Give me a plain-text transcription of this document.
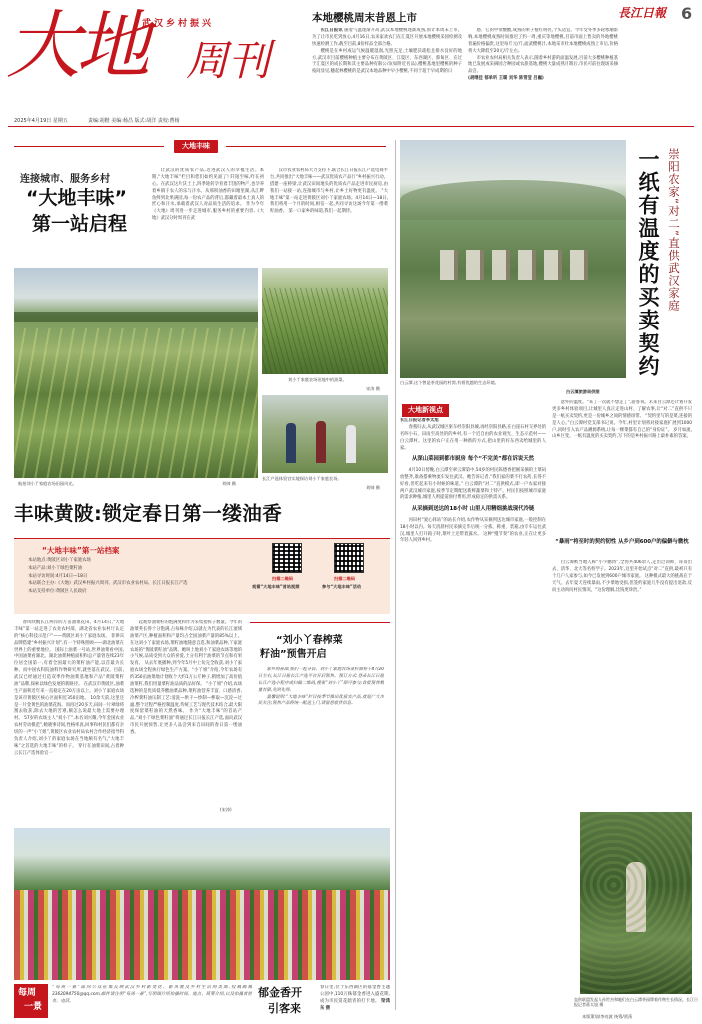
大地 周刊
武汉乡村振兴
2025年4月19日 星期五	责编:胡楷 美编:杨昌 版式:胡洋 责校:曹杨
長江日報 6
本地樱桃周末昔恩上市

长江日报讯 随着气温逐渐升高,武汉本地樱桃逐渐成熟,预计本周末上市。为了让市民吃到放心,4月16日,农来家欢农门在汇夏区开展本地樱桃采园检测及快速检测工作,截至目前,8份样品全部合格。

樱桃是在乡村成运气候温暖湿润,光照充足,土壤肥沃疏松且排水良好的地方,武汉市目前樱桃种植主要分布在黄陂区、江夏区、东西湖区、蔡甸区、在过于汇夏区的成长期和其主要品种有限公司(如附近名品),樱桃基地里樱桃的种子枝间显见,穗起林樱桃的是武汉本地品种中早小樱桃,不同于超于早成期的日

感、它的甲带酸酸,成熟的果子橙红明亮,个头适宜。今年受冬季多轮寒潮影响,本地樱桃成熟时间推迟了约一周,重庆等地樱桃,目前市面上售卖的外地樱桃普遍价格偏贵,这里每斤元/斤,面武樱桃汁,本地采市杜本地樱桃成熟上市后,价格将大大降低至20元/斤左右。

市农业农村局相关负责人表示,随着乡村游的面温发展,目前大多樱桃种植基地已发展成采摘园合种园或农旅基地,樱桃大量成熟月期后,市民可前往现场采摘品尝。

(胡继佳 郁单昕 王璐 刘华 陈雪莹 吕巍)

大地丰味
连接城市、服务乡村
“大地丰味”
第一站启程

让武汉的优质农产品,迈进武汉人的幸福生活。本期,“大地丰味”栏目和您们如约见面了! 阡陌至味,咋在初心。在武汉这片沃土上,四季轮转孕育着丰饶的物产,也孕养着乡镇干农人的乐与汗水。从那积油香的田塘里湖,从江畔鱼鲜到北果满园,每一份农产品的背后,都藏着最本土真人的匠心和汗水,承载着武汉人对品质生活的追求。 作为今年《大地》周刊进一步走进城市,服务乡村的重要内容,《大地》武汉分时周刊在武

汉市农业农村局大力支持下,联合长江日报长江产选电商平台,共同推出“大地丰味——武汉优质农产品行”乡村振兴行动。搭建一座桥梁,让武汉田间地头的优质农产品走进市民厨房,由我们一站接一站,连接城市与乡村,让乡土好物更有温度。 “大地丰味”第一站走进黄陂区刘小丫家庭农场。4月14日—18日,我们将用一个月的时间,相信一起,共同寻访这场今年第一缕菜籽油香。 第一口家乡的味道,我们一起期待。

航拍刘小丫家庭农场田园风光。	刘帅 摄
刘小丫家庭农场田地中的油菜。
宋涛 摄
长江产选体验官实地探访刘小丫家庭农场。
刘帅 摄
丰味黄陂:锁定春日第一缕油香
“大地丰味”第一站档案
本站地点:黄陂区刘小丫家庭农场
本站产品:刘小丫绿色菜籽油
本站寻访时间:4月14日—18日
本站联合主办:《大地》武汉乡村振兴周刊、武汉市农业农村局、长江日报长江产选
本站支持单位:黄陂区人民政府
扫描二维码
观看“大地丰味”首站视频
扫描二维码
参与“大地丰味”活动

春风吹醒长江两岸的万亩油菜花田。4月14日,“大地丰味”第一站走进了农业农村部、湖北省农业农村厅认定的“核心科技示范户”——黄陂区刘小丫家庭农场。 菲律宾品牌搭建“乡村振兴计划”,有一个特殊照顾——湖北油菜在世界上的重要地位。 国际上油菜一号站,世界油菜看中国,中国油菜看湖北。湖北油菜种植面积和总产量曾连续23年位居全国第一,有着全国最大的菜籽油产能,以首最为长种。而中国农科院油料作物研究所,就坐落在武汉。目前,武汉已经通过打造双季作物油菜基地和产品“黄陂菜籽油”品牌,探索以绿色发展的新路径。 在武汉市黄陂区,油菜生产面积近年来一直稳定在20万亩以上。刘小丫家庭农场是该市黄陂区核心区面积近350亩地。 10余天前,这里还是一片金黄色的油菜花海。而再过20多天,田间一片翠绿将割去收获,除去大地的苦难,颇怎么说最大地上需要办理村。 57岁的农场主人“刘小丫”,本名刘兴耀,今年金国农业农村劳动模范”,她晓事诗间,性格率真,回事和村民们都有亲切的一声“小丫姐”,黄陂区农业农村局农村合作经济指导科负责人介绍,刘小丫的家庭农场在当地颇有名气,“大地丰味”之首选的大地丰味”的样子。 穿行在油菜田间,占着种云长江产选体验官一

起观察油菜籽的饱满度和作为采集指挥子数量。今年的油菜荚长得十分饱满,占每株介绍,以就左为代表的长江流域油菜产区,种植面积和产量均占全国油菜产量的85%以上。在这刘小丫家庭农场,菜籽油地随意自选,和油菜品种,丫家庭农场的“黄陂菜籽油”品牌。她叫上地刘小丫家庭农场等地的小气候,品质受到大众的喜爱,土分有利于油菜的节点和有果发育。 从去年底播种,到今年5月中上旬完全收获,刘小丫家庭农场全程执行绿色生产方案。“小丫姐”介绍,今年农场有约350亩油菜地计划收个大约1万公斤种子,稍增加了高价值油菜籽,我们用量菜籽油品质的品好保。 “小丫姐”介绍,农场选种的是优质低芥酸油菜品种,菜籽油营养丰富、口感清香,冷榨菜籽油压制工艺:清洗—烘干—炒制—榨取—沉淀—过滤,整个过程严格控制温度,传统工艺与现代技术结合,最大限度保留菜籽油的天然香味。 作为“大地丰味”的首站产品,“刘小丫绿色菜籽油”将通过长江日报长江产选,面向武汉市民开展预售,让更多人品尝到来自田间的春日第一缕油香。

(宋涛)
“刘小丫春榨菜
籽油”预售开启

家乡的春油,我们一起寻访。刘小丫家庭农场菜籽油将于4月20日左右,长江日报长江产选平台开启预售。预订方式:登录长江日报长江产选小程序或扫描二维码,搜索“刘小丫”即可参与;首批预售数量有限,先到先得。

温馨说明:“大地丰味”栏目按季节推出优质农产品,欢迎广大市民关注;预售产品将统一配送上门,请留意收货信息。

一纸有温度的买卖契约 崇阳农家“对二”直供武汉家庭
白云潭,这个曾是茶花园的村湾,有着优越的生态环境。
白云潭旅游局供图
大地新视点

长江日报记者李太旭

春燕归去,从武汉城区驱车经崇阳县城,再经崇阳县路,在白崖石村交界处的名叫小石、田雨至高处的的乡村,有一个近自由的农业观光、生态示范村——白云潭村。这里的农户正在用一种新的方式,把山里的好东西卖给城里的人家。

从深山菜园到都市厨房 每个“不完美”都在诉说天然

4月10日傍晚,白云潭至翠云潭第中,54岁的村民陈德香把刚采摘的土菜码放整齐,准备搭乘物流车发往武汉。她告诉记者,“我们家的菜不打农药,长得不好看,但吃起来有小时候的味道。” 白云潭的“对二”直供模式,即一户农家对接两户武汉城市家庭,按季节定期配送新鲜蔬菜和土特产。村民们按照城市家庭的需求种植,城里人则提前预付费用,形成稳定的供需关系。

从采摘到送达的18小时 山里人用精细挑战现代冷链

河田村“爱心驿站”的站长介绍,农作物从采摘到送达城市家庭,一般控制在18小时以内。每天清晨村民采摘完毕后统一分拣、称重、装箱,由专车运往武汉,城里人打开箱子时,菜叶上还带着露水。 这种“慢节奏”的农业,正在让更多年轻人回到乡村。

意外的温度。“来了一次就不想走了”,游客说。未来白云潭还计划开发更多乡村体验项目,让城里人真正走进山村、了解农事,让“对二”直供不只是一纸买卖契约,更是一份城乡之间的情感纽带。 “契约里写的是菜,连接的是人心。”白云潭村党支部书记说。今年,村里计划将对接家庭扩展到1000户,同时引入农产品溯源系统,让每一棵菜都有自己的“身份证”。 岁月如流,山乡巨变。一纸有温度的买卖契约,写下的是乡村振兴路上最朴素的答案。

“暴雨”将至时的契约韧性 从乡户到600户的偏僻与微枕

白云潭被当地人称“小宇鹏湾”,全湾共406余人,走出过训师、哥哥出去、清华、北大等名校学子。2023年,这里开始试点“对二”直供,最初只有十几户人家参与,如今已发展到600户城市家庭。 这种模式最大的挑战在于天气。去年夏天连续暴雨,不少菜地受损,但签约家庭几乎没有提出退款,反而主动询问村民情况。“这份理解,比钱更珍贵。”

直供联盟发起人孙世杰和她们在白云潭茶园摩着作物生长情况。长江日报记者蒋太旭 摄
每周
一景

“每周一景”面向公众征集反映武汉乡村新变化、新风貌及乡村生活的美图,投稿邮箱3362094750@qq.com,邮件请注明“每周一景”,写明图片所拍摄时间、地点、简要介绍,以及拍摄者姓名、电话。

郁金香开
引客来
春日里,位于东西湖区的郁金香主题公园中,110万株郁金香进入盛花期,成为市民赏花踏青的打卡地。 梁鸿东 摄
本版策划/李亮波 统筹/贾荡
